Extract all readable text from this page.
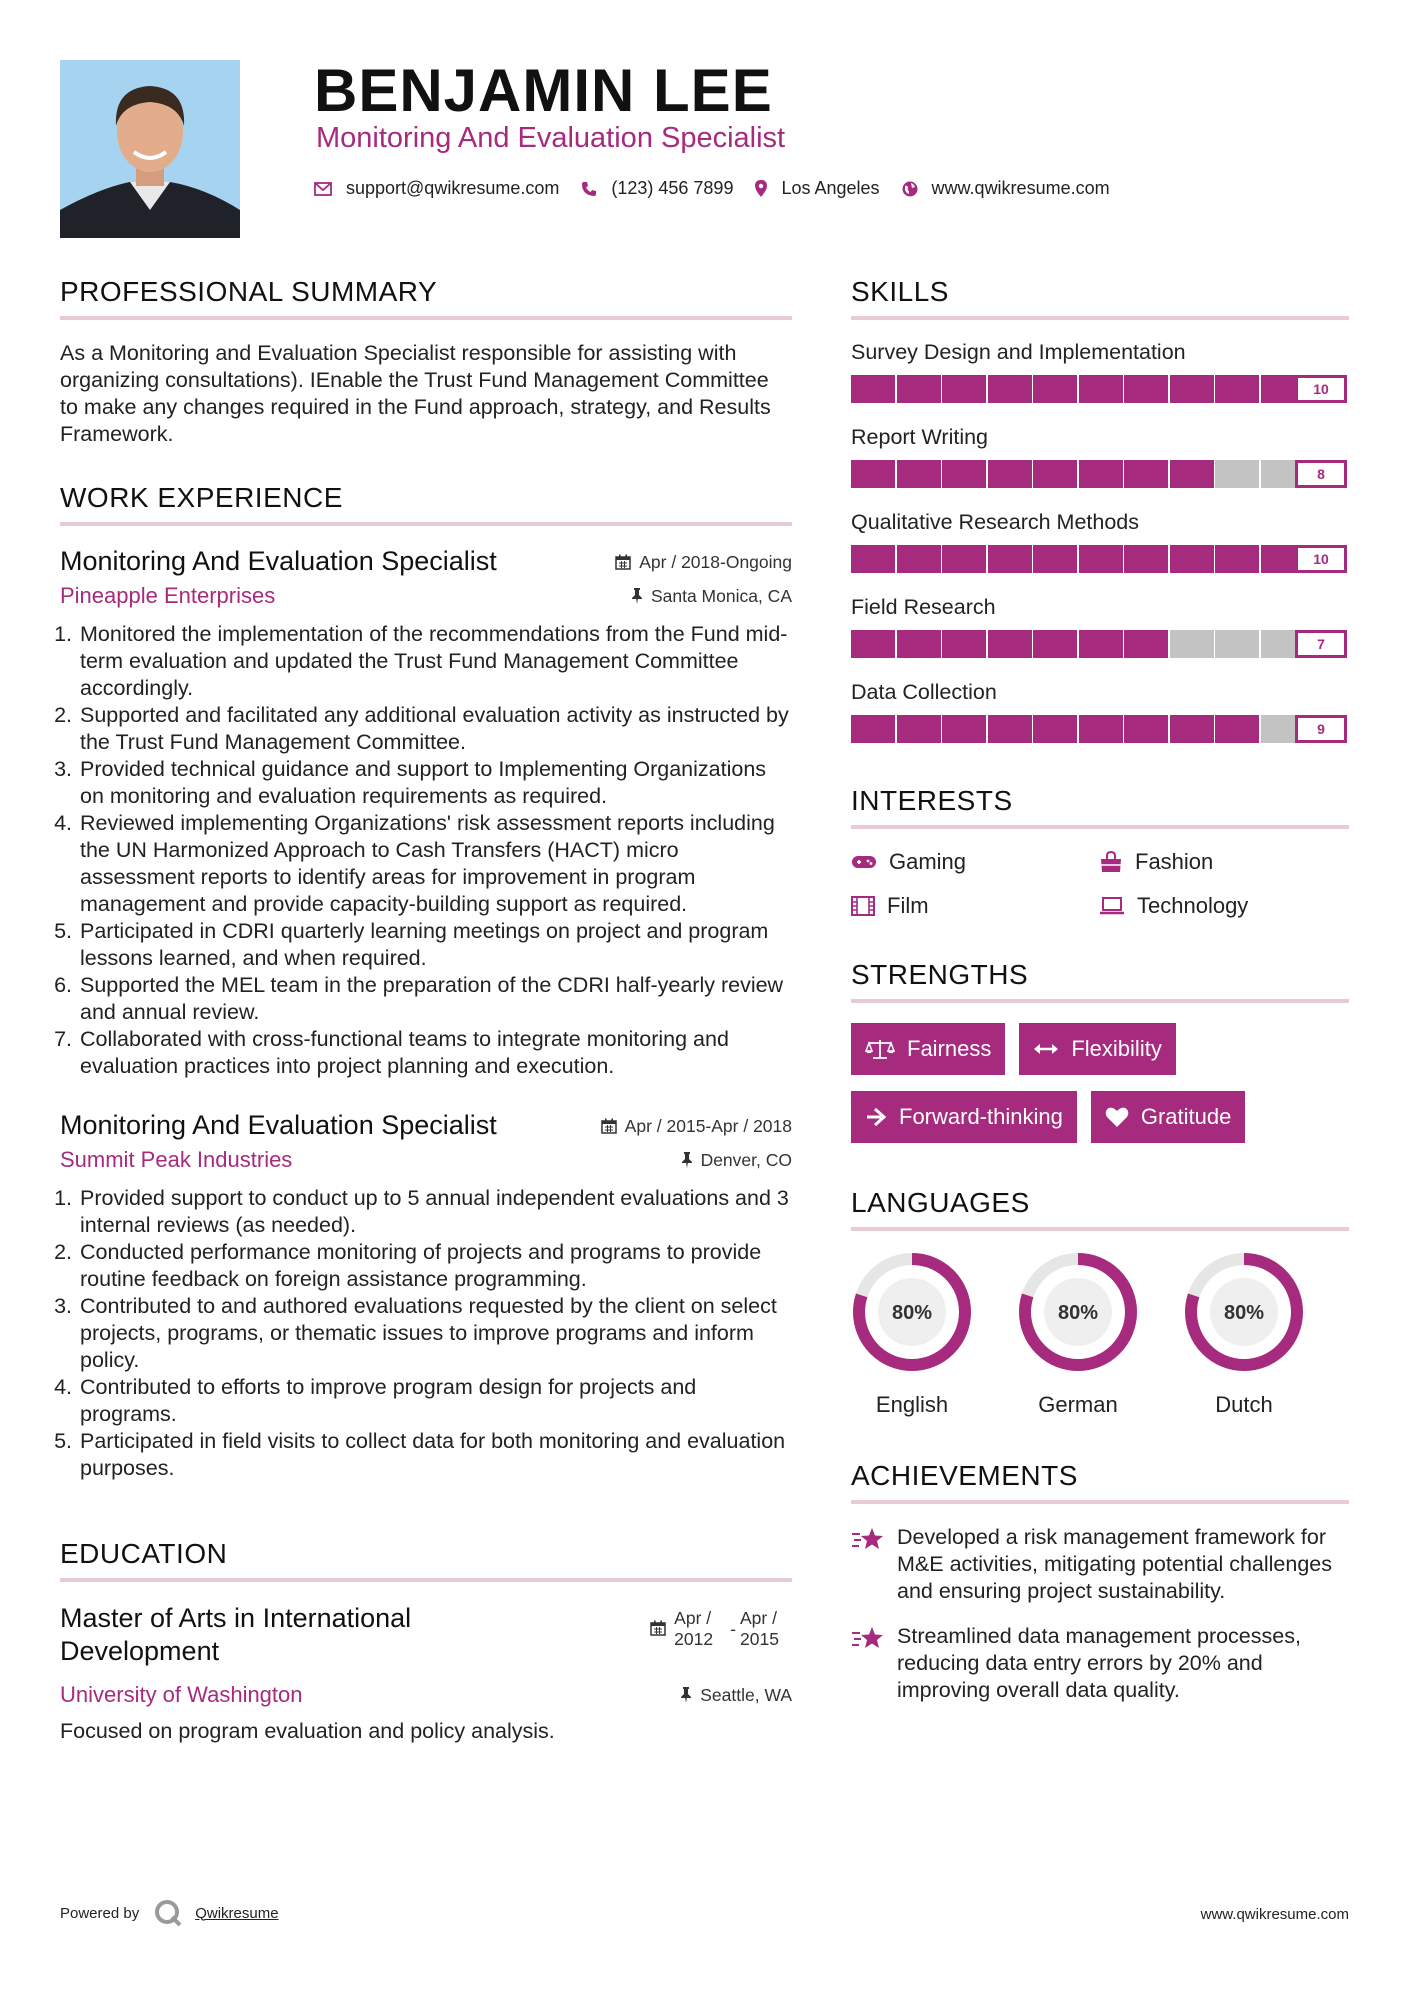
BENJAMIN LEE
Monitoring And Evaluation Specialist
support@qwikresume.com	(123) 456 7899	Los Angeles	www.qwikresume.com
PROFESSIONAL SUMMARY

As a Monitoring and Evaluation Specialist responsible for assisting with organizing consultations). IEnable the Trust Fund Management Committee to make any changes required in the Fund approach, strategy, and Results Framework.

WORK EXPERIENCE
Monitoring And Evaluation Specialist	Apr / 2018-Ongoing
Pineapple Enterprises	Santa Monica, CA
1. Monitored the implementation of the recommendations from the Fund mid-term evaluation and updated the Trust Fund Management Committee accordingly.
2. Supported and facilitated any additional evaluation activity as instructed by the Trust Fund Management Committee.
3. Provided technical guidance and support to Implementing Organizations on monitoring and evaluation requirements as required.
4. Reviewed implementing Organizations' risk assessment reports including the UN Harmonized Approach to Cash Transfers (HACT) micro assessment reports to identify areas for improvement in program management and provide capacity-building support as required.
5. Participated in CDRI quarterly learning meetings on project and program lessons learned, and when required.
6. Supported the MEL team in the preparation of the CDRI half-yearly review and annual review.
7. Collaborated with cross-functional teams to integrate monitoring and evaluation practices into project planning and execution.
Monitoring And Evaluation Specialist	Apr / 2015-Apr / 2018
Summit Peak Industries	Denver, CO
1. Provided support to conduct up to 5 annual independent evaluations and 3 internal reviews (as needed).
2. Conducted performance monitoring of projects and programs to provide routine feedback on foreign assistance programming.
3. Contributed to and authored evaluations requested by the client on select projects, programs, or thematic issues to improve programs and inform policy.
4. Contributed to efforts to improve program design for projects and programs.
5. Participated in field visits to collect data for both monitoring and evaluation purposes.
EDUCATION
Master of Arts in International Development
Apr / 2012 -
Apr / 2015
University of Washington	Seattle, WA

Focused on program evaluation and policy analysis.

SKILLS
Survey Design and Implementation
10
Report Writing
8
Qualitative Research Methods
10
Field Research
7
Data Collection
9
INTERESTS
Gaming	Fashion
Film	Technology
STRENGTHS
Fairness	Flexibility
Forward-thinking	Gratitude
LANGUAGES
80%
English
80%
German
80%
Dutch
ACHIEVEMENTS
Developed a risk management framework for M&E activities, mitigating potential challenges and ensuring project sustainability.
Streamlined data management processes, reducing data entry errors by 20% and improving overall data quality.
Powered by	Qwikresume	www.qwikresume.com
